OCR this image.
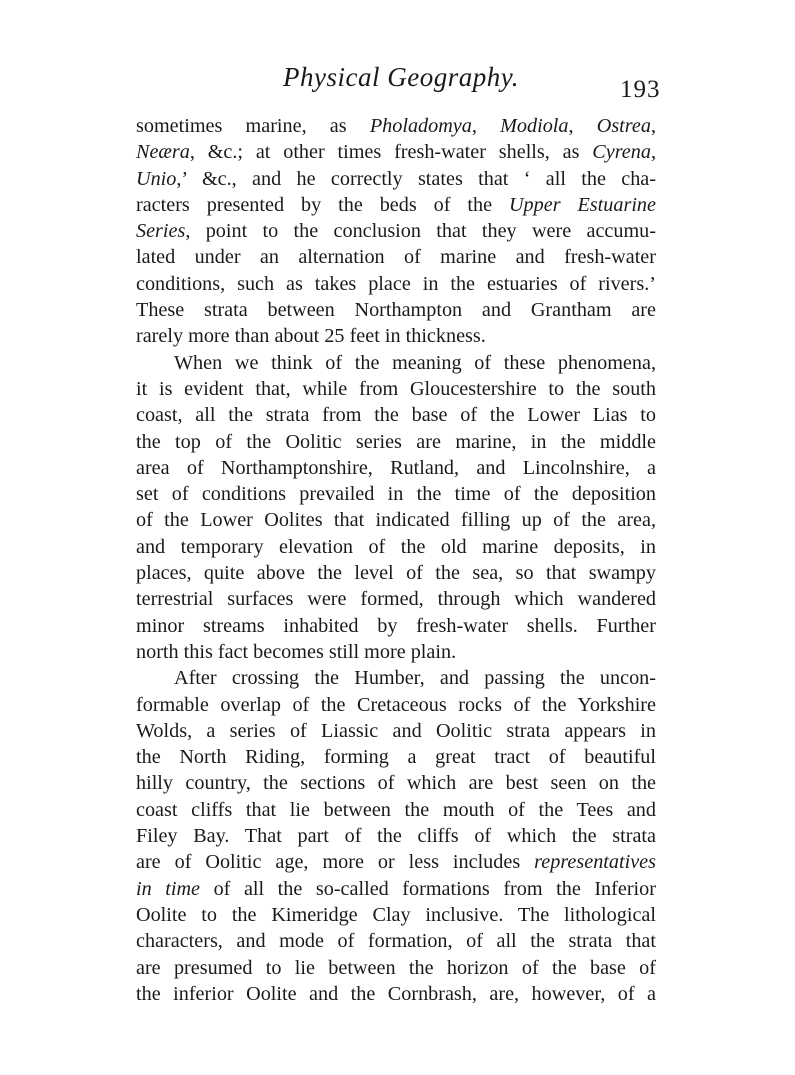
Physical Geography.	193
sometimes marine, as Pholadomya, Modiola, Ostrea,
Neæra, &c.; at other times fresh-water shells, as Cyrena,
Unio,’ &c., and he correctly states that ‘ all the cha-
racters presented by the beds of the Upper Estuarine
Series, point to the conclusion that they were accumu-
lated under an alternation of marine and fresh-water
conditions, such as takes place in the estuaries of rivers.’
These strata between Northampton and Grantham are
rarely more than about 25 feet in thickness.
When we think of the meaning of these phenomena,
it is evident that, while from Gloucestershire to the south
coast, all the strata from the base of the Lower Lias to
the top of the Oolitic series are marine, in the middle
area of Northamptonshire, Rutland, and Lincolnshire, a
set of conditions prevailed in the time of the deposition
of the Lower Oolites that indicated filling up of the area,
and temporary elevation of the old marine deposits, in
places, quite above the level of the sea, so that swampy
terrestrial surfaces were formed, through which wandered
minor streams inhabited by fresh-water shells. Further
north this fact becomes still more plain.
After crossing the Humber, and passing the uncon-
formable overlap of the Cretaceous rocks of the Yorkshire
Wolds, a series of Liassic and Oolitic strata appears in
the North Riding, forming a great tract of beautiful
hilly country, the sections of which are best seen on the
coast cliffs that lie between the mouth of the Tees and
Filey Bay. That part of the cliffs of which the strata
are of Oolitic age, more or less includes representatives
in time of all the so-called formations from the Inferior
Oolite to the Kimeridge Clay inclusive. The lithological
characters, and mode of formation, of all the strata that
are presumed to lie between the horizon of the base of
the inferior Oolite and the Cornbrash, are, however, of a
